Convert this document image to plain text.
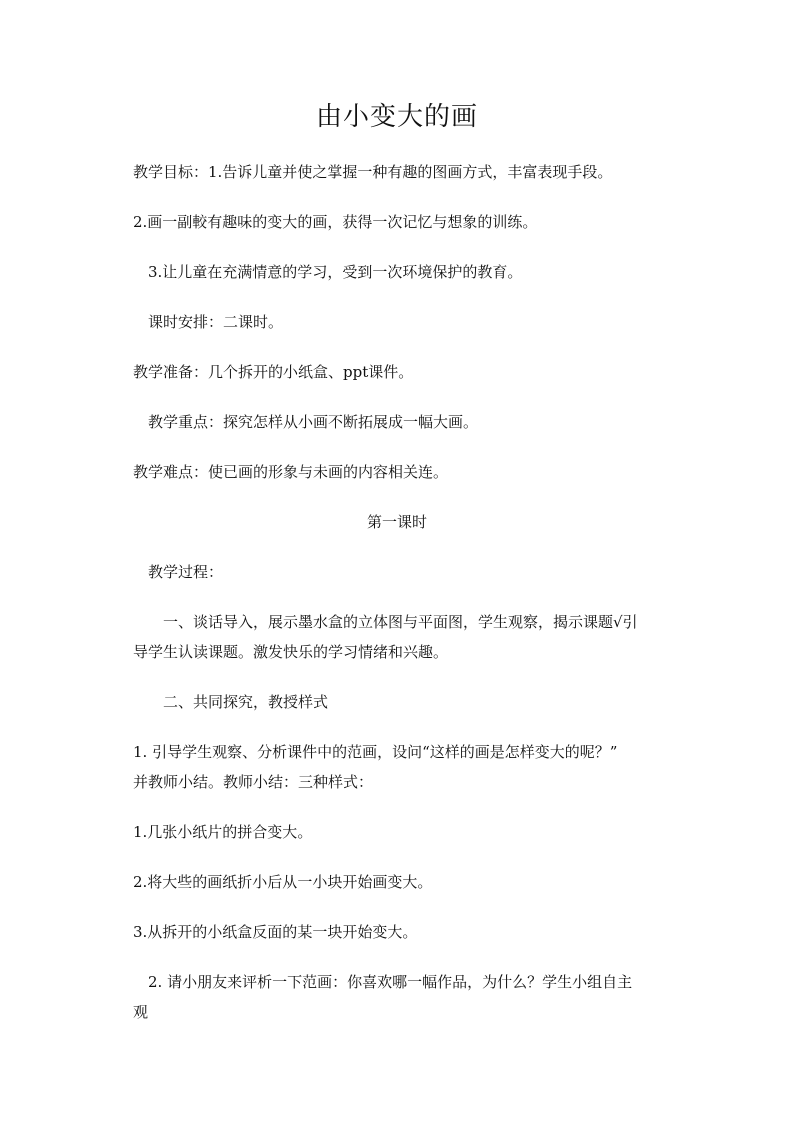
由小变大的画
教学目标：1.告诉儿童并使之掌握一种有趣的图画方式，丰富表现手段。
2.画一副較有趣味的变大的画，获得一次记忆与想象的训练。
3.让儿童在充满情意的学习，受到一次环境保护的教育。
课时安排：二课时。
教学准备：几个拆开的小纸盒、ppt课件。
教学重点：探究怎样从小画不断拓展成一幅大画。
教学难点：使已画的形象与未画的内容相关连。
第一课时
教学过程：
一、谈话导入，展示墨水盒的立体图与平面图，学生观察，揭示课题√引
导学生认读课题。激发快乐的学习情绪和兴趣。
二、共同探究，教授样式
1. 引导学生观察、分析课件中的范画，设问“这样的画是怎样变大的呢？”
并教师小结。教师小结：三种样式：
1.几张小纸片的拼合变大。
2.将大些的画纸折小后从一小块开始画变大。
3.从拆开的小纸盒反面的某一块开始变大。
2. 请小朋友来评析一下范画：你喜欢哪一幅作品，为什么？学生小组自主
观
